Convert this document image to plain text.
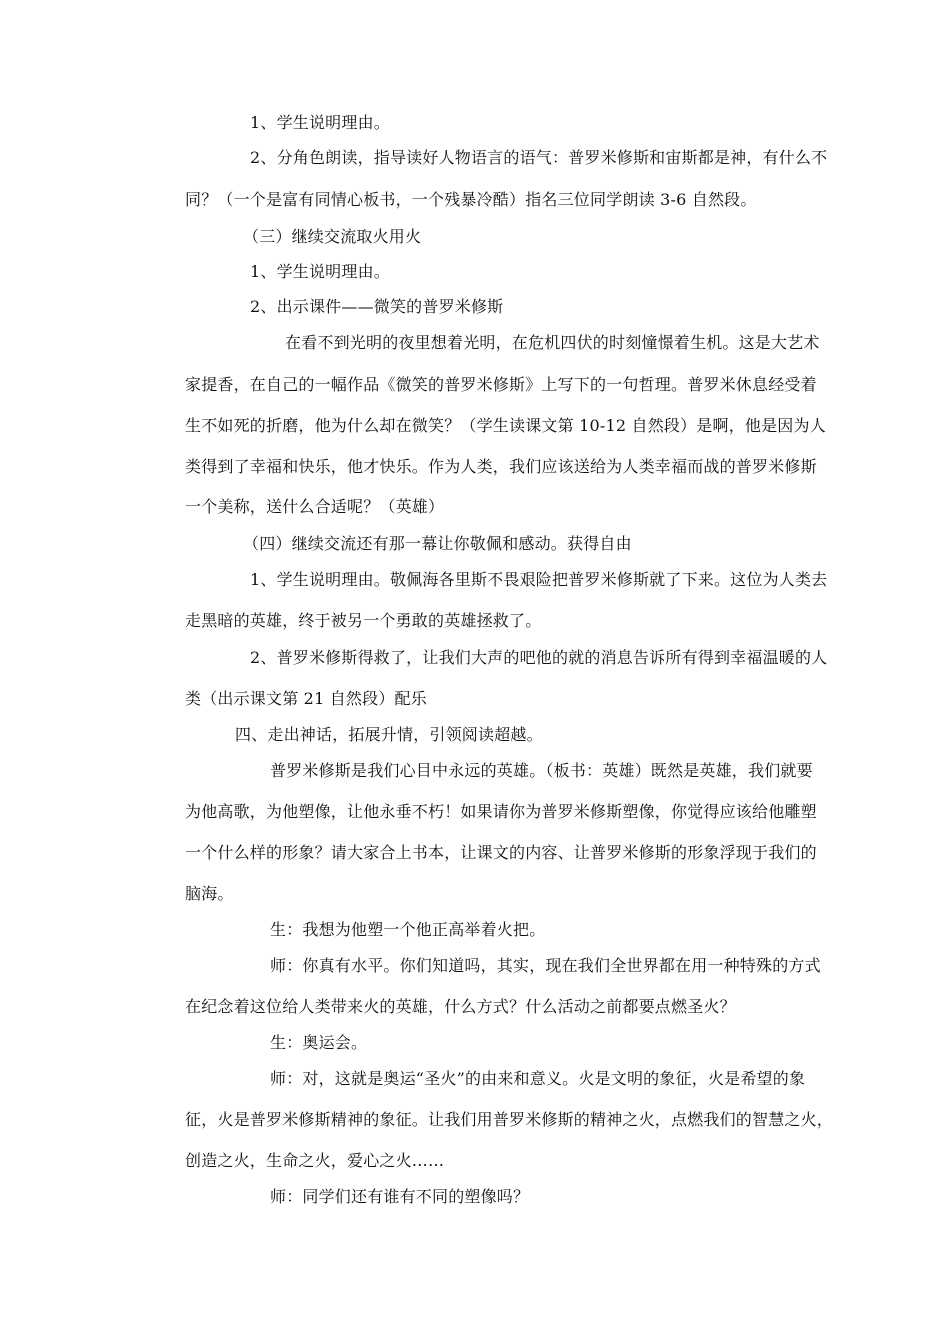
1、学生说明理由。
2、分角色朗读，指导读好人物语言的语气：普罗米修斯和宙斯都是神，有什么不
同？（一个是富有同情心板书，一个残暴冷酷）指名三位同学朗读 3-6 自然段。
（三）继续交流取火用火
1、学生说明理由。
2、出示课件——微笑的普罗米修斯
在看不到光明的夜里想着光明，在危机四伏的时刻憧憬着生机。这是大艺术
家提香，在自己的一幅作品《微笑的普罗米修斯》上写下的一句哲理。普罗米休息经受着
生不如死的折磨，他为什么却在微笑？（学生读课文第 10-12 自然段）是啊，他是因为人
类得到了幸福和快乐，他才快乐。作为人类，我们应该送给为人类幸福而战的普罗米修斯
一个美称，送什么合适呢？（英雄）
（四）继续交流还有那一幕让你敬佩和感动。获得自由
1、学生说明理由。敬佩海各里斯不畏艰险把普罗米修斯就了下来。这位为人类去
走黑暗的英雄，终于被另一个勇敢的英雄拯救了。
2、普罗米修斯得救了，让我们大声的吧他的就的消息告诉所有得到幸福温暖的人
类（出示课文第 21 自然段）配乐
四、走出神话，拓展升情，引领阅读超越。
普罗米修斯是我们心目中永远的英雄。（板书：英雄）既然是英雄，我们就要
为他高歌，为他塑像，让他永垂不朽！如果请你为普罗米修斯塑像，你觉得应该给他雕塑
一个什么样的形象？请大家合上书本，让课文的内容、让普罗米修斯的形象浮现于我们的
脑海。
生：我想为他塑一个他正高举着火把。
师：你真有水平。你们知道吗，其实，现在我们全世界都在用一种特殊的方式
在纪念着这位给人类带来火的英雄，什么方式？什么活动之前都要点燃圣火？
生：奥运会。
师：对，这就是奥运“圣火”的由来和意义。火是文明的象征，火是希望的象
征，火是普罗米修斯精神的象征。让我们用普罗米修斯的精神之火，点燃我们的智慧之火，
创造之火，生命之火，爱心之火……
师：同学们还有谁有不同的塑像吗？
